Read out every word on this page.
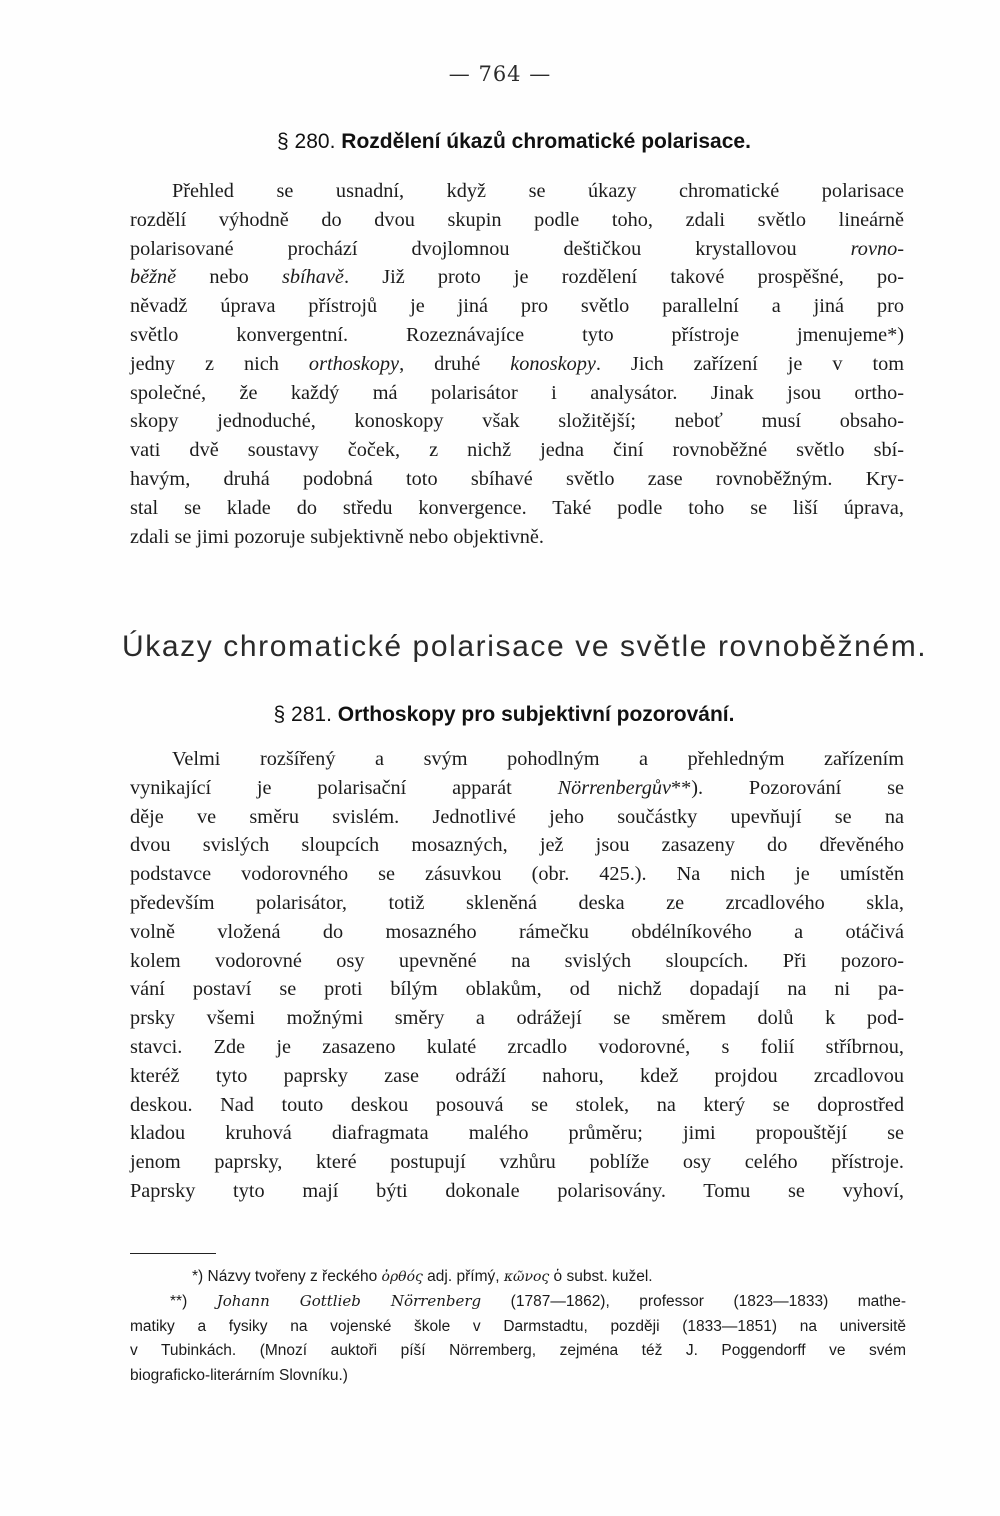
— 764 —
§ 280. Rozdělení úkazů chromatické polarisace.
Přehled se usnadní, když se úkazy chromatické polarisace
rozdělí výhodně do dvou skupin podle toho, zdali světlo lineárně
polarisované prochází dvojlomnou deštičkou krystallovou rovno-
běžně nebo sbíhavě. Již proto je rozdělení takové prospěšné, po-
něvadž úprava přístrojů je jiná pro světlo parallelní a jiná pro
světlo konvergentní. Rozeznávajíce tyto přístroje jmenujeme*)
jedny z nich orthoskopy, druhé konoskopy. Jich zařízení je v tom
společné, že každý má polarisátor i analysátor. Jinak jsou ortho-
skopy jednoduché, konoskopy však složitější; neboť musí obsaho-
vati dvě soustavy čoček, z nichž jedna činí rovnoběžné světlo sbí-
havým, druhá podobná toto sbíhavé světlo zase rovnoběžným. Kry-
stal se klade do středu konvergence. Také podle toho se liší úprava,
zdali se jimi pozoruje subjektivně nebo objektivně.
Úkazy chromatické polarisace ve světle rovnoběžném.
§ 281. Orthoskopy pro subjektivní pozorování.
Velmi rozšířený a svým pohodlným a přehledným zařízením
vynikající je polarisační apparát Nörrenbergův**). Pozorování se
děje ve směru svislém. Jednotlivé jeho součástky upevňují se na
dvou svislých sloupcích mosazných, jež jsou zasazeny do dřevěného
podstavce vodorovného se zásuvkou (obr. 425.). Na nich je umístěn
především polarisátor, totiž skleněná deska ze zrcadlového skla,
volně vložená do mosazného rámečku obdélníkového a otáčivá
kolem vodorovné osy upevněné na svislých sloupcích. Při pozoro-
vání postaví se proti bílým oblakům, od nichž dopadají na ni pa-
prsky všemi možnými směry a odrážejí se směrem dolů k pod-
stavci. Zde je zasazeno kulaté zrcadlo vodorovné, s folií stříbrnou,
kteréž tyto paprsky zase odráží nahoru, kdež projdou zrcadlovou
deskou. Nad touto deskou posouvá se stolek, na který se doprostřed
kladou kruhová diafragmata malého průměru; jimi propouštějí se
jenom paprsky, které postupují vzhůru poblíže osy celého přístroje.
Paprsky tyto mají býti dokonale polarisovány. Tomu se vyhoví,
*) Názvy tvořeny z řeckého ὀρθός adj. přímý, κῶνος ὁ subst. kužel.
**) Johann Gottlieb Nörrenberg (1787—1862), professor (1823—1833) mathe-
matiky a fysiky na vojenské škole v Darmstadtu, později (1833—1851) na universitě
v Tubinkách. (Mnozí auktoři píší Nörremberg, zejména též J. Poggendorff ve svém
biograficko-literárním Slovníku.)
